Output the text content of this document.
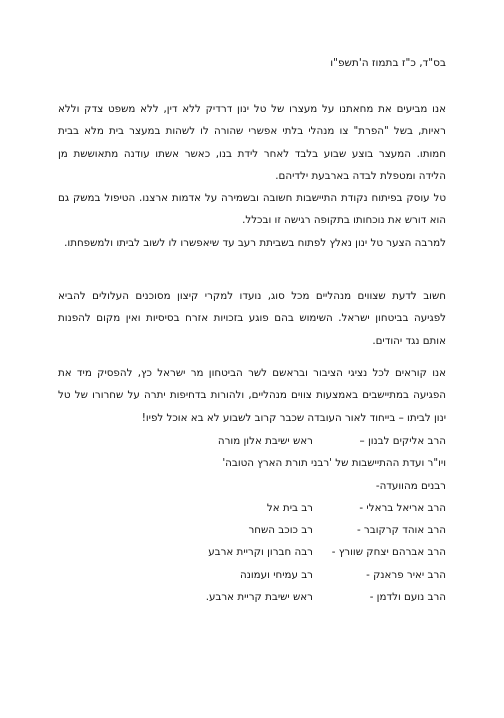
בס"ד, כ"ז בתמוז ה'תשפ"ו

אנו מביעים את מחאתנו על מעצרו של טל ינון דרדיק ללא דין, ללא משפט צדק וללא ראיות, בשל "הפרת" צו מנהלי בלתי אפשרי שהורה לו לשהות במעצר בית מלא בבית חמותו. המעצר בוצע שבוע בלבד לאחר לידת בנו, כאשר אשתו עודנה מתאוששת מן הלידה ומטפלת לבדה בארבעת ילדיהם.

טל עוסק בפיתוח נקודת התיישבות חשובה ובשמירה על אדמות ארצנו. הטיפול במשק גם הוא דורש את נוכחותו בתקופה רגישה זו ובכלל.

למרבה הצער טל ינון נאלץ לפתוח בשביתת רעב עד שיאפשרו לו לשוב לביתו ולמשפחתו.

חשוב לדעת שצווים מנהליים מכל סוג, נועדו למקרי קיצון מסוכנים העלולים להביא לפגיעה בביטחון ישראל. השימוש בהם פוגע בזכויות אזרח בסיסיות ואין מקום להפנות אותם נגד יהודים.

אנו קוראים לכל נציגי הציבור ובראשם לשר הביטחון מר ישראל כץ, להפסיק מיד את הפגיעה במתיישבים באמצעות צווים מנהליים, ולהורות בדחיפות יתרה על שחרורו של טל ינון לביתו – בייחוד לאור העובדה שכבר קרוב לשבוע לא בא אוכל לפיו!

הרב אליקים לבנון –
ראש ישיבת אלון מורה
ויו"ר ועדת ההתיישבות של 'רבני תורת הארץ הטובה'
רבנים מהוועדה-
הרב אריאל בראלי -
רב בית אל
הרב אוהד קרקובר -
רב כוכב השחר
הרב אברהם יצחק שוורץ -
רבה חברון וקריית ארבע
הרב יאיר פראנק -
רב עמיחי ועמונה
הרב נועם ולדמן -
ראש ישיבת קריית ארבע.
